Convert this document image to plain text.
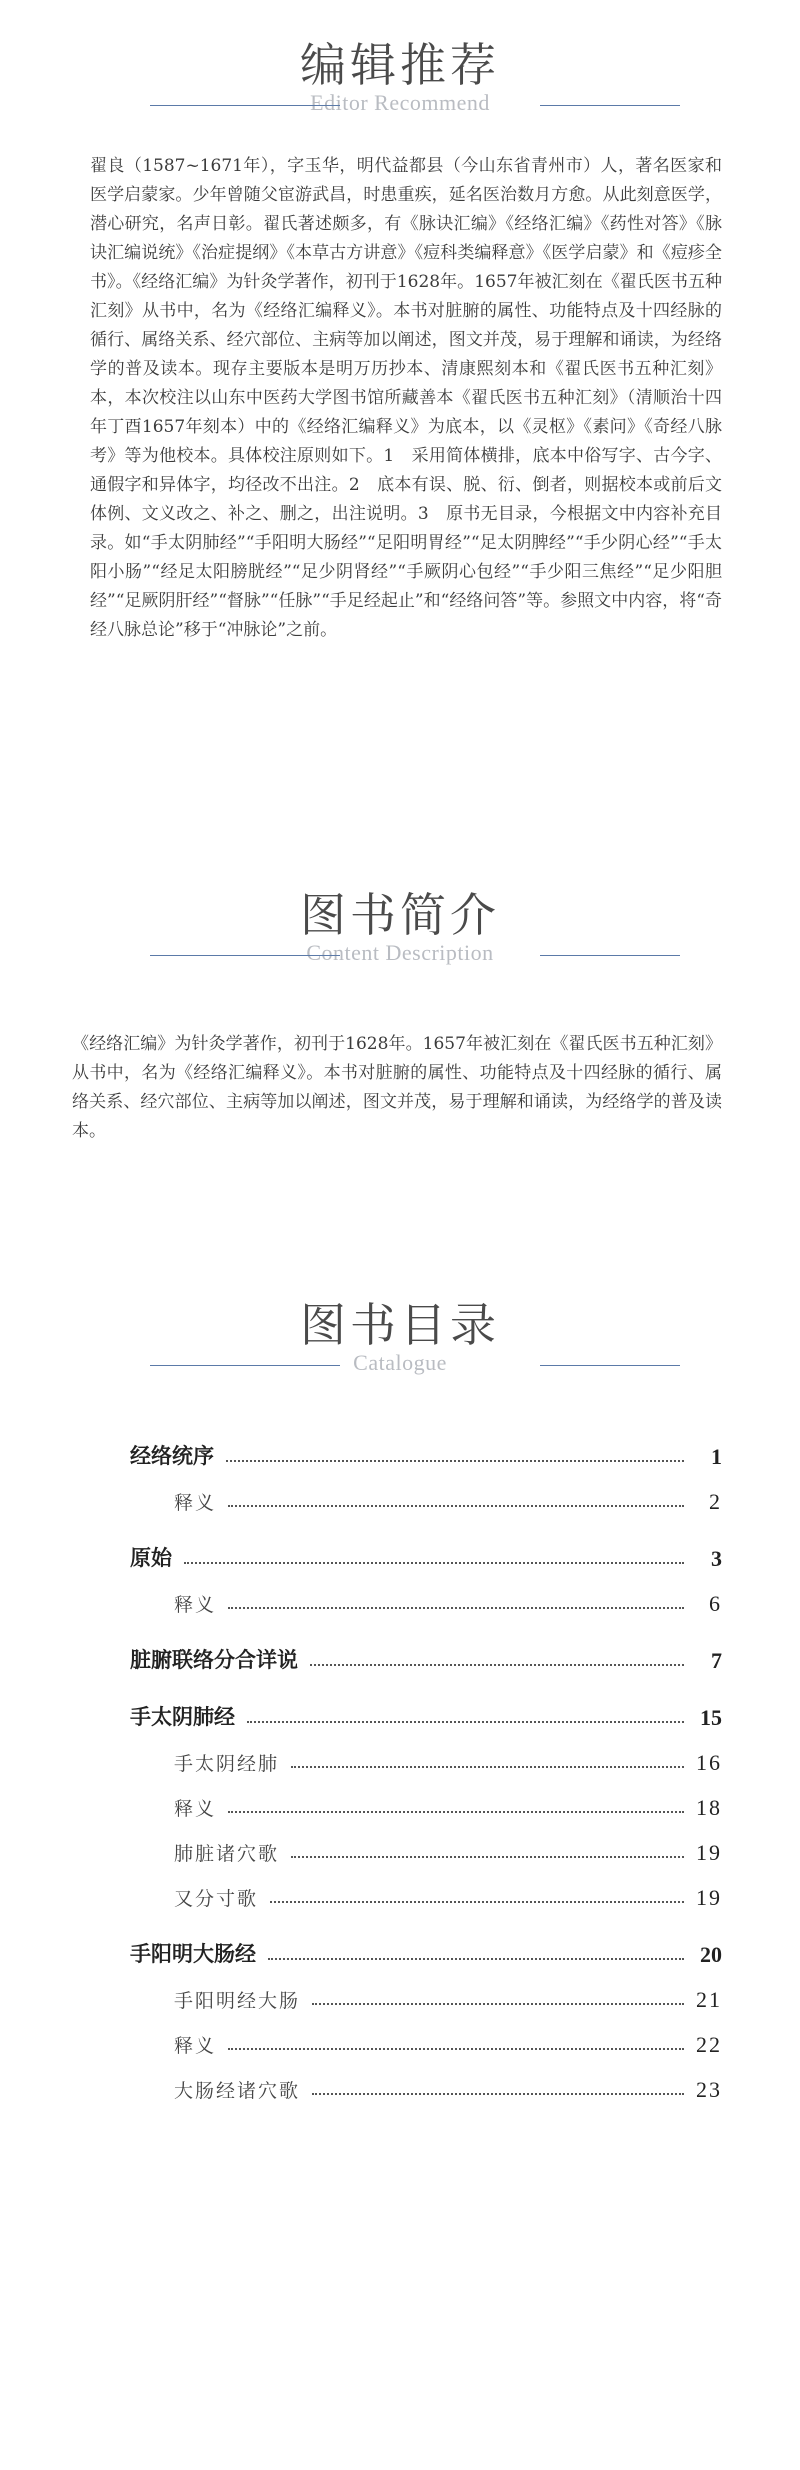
编辑推荐
Editor Recommend
翟良（1587~1671年），字玉华，明代益都县（今山东省青州市）人，著名医家和医学启蒙家。少年曾随父宦游武昌，时患重疾，延名医治数月方愈。从此刻意医学，潜心研究，名声日彰。翟氏著述颇多，有《脉诀汇编》《经络汇编》《药性对答》《脉诀汇编说统》《治症提纲》《本草古方讲意》《痘科类编释意》《医学启蒙》和《痘疹全书》。《经络汇编》为针灸学著作，初刊于1628年。1657年被汇刻在《翟氏医书五种汇刻》从书中，名为《经络汇编释义》。本书对脏腑的属性、功能特点及十四经脉的循行、属络关系、经穴部位、主病等加以阐述，图文并茂，易于理解和诵读，为经络学的普及读本。现存主要版本是明万历抄本、清康熙刻本和《翟氏医书五种汇刻》本，本次校注以山东中医药大学图书馆所藏善本《翟氏医书五种汇刻》（清顺治十四年丁酉1657年刻本）中的《经络汇编释义》为底本，以《灵枢》《素问》《奇经八脉考》等为他校本。具体校注原则如下。1　采用简体横排，底本中俗写字、古今字、通假字和异体字，均径改不出注。2　底本有误、脱、衍、倒者，则据校本或前后文体例、文义改之、补之、删之，出注说明。3　原书无目录，今根据文中内容补充目录。如“手太阴肺经”“手阳明大肠经”“足阳明胃经”“足太阴脾经”“手少阴心经”“手太阳小肠”“经足太阳膀胱经”“足少阴肾经”“手厥阴心包经”“手少阳三焦经”“足少阳胆经”“足厥阴肝经”“督脉”“任脉”“手足经起止”和“经络问答”等。参照文中内容，将“奇经八脉总论”移于“冲脉论”之前。
图书简介
Content Description
《经络汇编》为针灸学著作，初刊于1628年。1657年被汇刻在《翟氏医书五种汇刻》从书中，名为《经络汇编释义》。本书对脏腑的属性、功能特点及十四经脉的循行、属络关系、经穴部位、主病等加以阐述，图文并茂，易于理解和诵读，为经络学的普及读本。
图书目录
Catalogue
经络统序	1
释义	2
原始	3
释义	6
脏腑联络分合详说	7
手太阴肺经	15
手太阴经肺	16
释义	18
肺脏诸穴歌	19
又分寸歌	19
手阳明大肠经	20
手阳明经大肠	21
释义	22
大肠经诸穴歌	23
